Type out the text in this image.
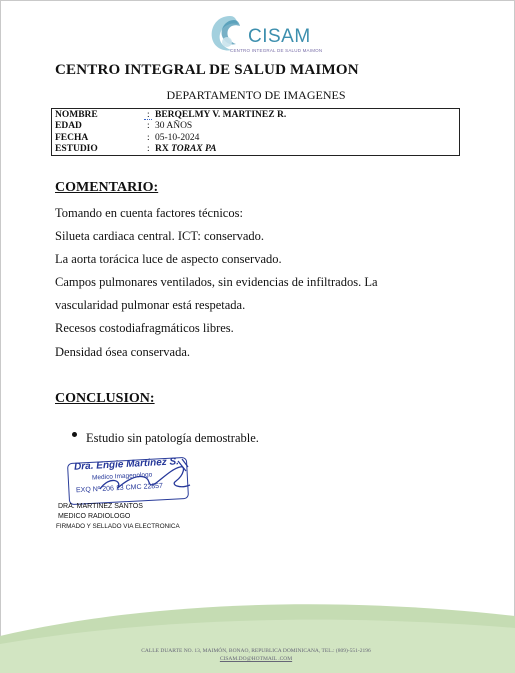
CISAM
CENTRO INTEGRAL DE SALUD MAIMON
CENTRO INTEGRAL DE SALUD MAIMON
DEPARTAMENTO DE IMAGENES
NOMBRE	: BERQELMY V. MARTINEZ R.
EDAD	: 30 AÑOS
FECHA	: 05-10-2024
ESTUDIO	: RX TORAX PA
COMENTARIO:
Tomando en cuenta factores técnicos:
Silueta cardiaca central. ICT: conservado.
La aorta torácica luce de aspecto conservado.
Campos pulmonares ventilados, sin evidencias de infiltrados. La
vascularidad pulmonar está respetada.
Recesos costodiafragmáticos libres.
Densidad ósea conservada.
CONCLUSION:
Estudio sin patología demostrable.
Dra. Engie Martinez S.
Medico Imagenologo
EXQ Nº 206 13 CMC 22857
DRA. MARTINEZ SANTOS
MEDICO RADIOLOGO
FIRMADO Y SELLADO VIA ELECTRONICA
CALLE DUARTE NO. 13, MAIMÓN, BONAO, REPUBLICA DOMINICANA, TEL.: (809)-551-2196
CISAM.DO@HOTMAIL .COM
